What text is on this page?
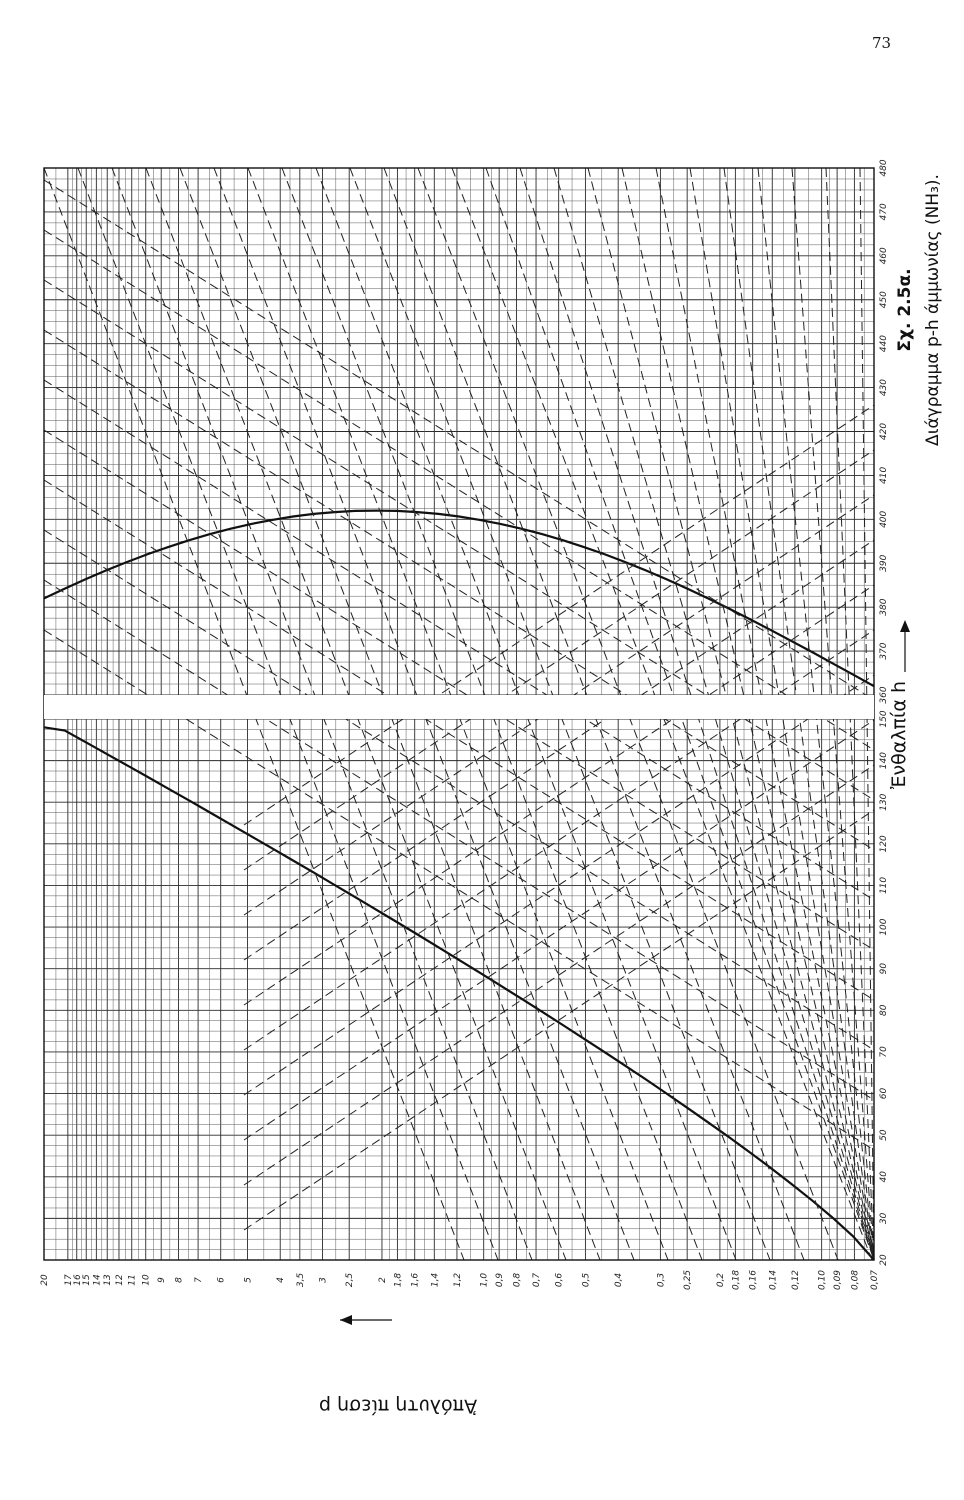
73
20 17
16 15 14 13 12 11 10 9 8 7 6 5	4 3,5 3 2,5	2 1,8 1,6 1,4 1,2 1,0 0,9 0,8 0,7 0,6 0,5	0,4	0,3 0,25	0,2 0,18 0,16 0,14 0,12 0,10 0,09 0,08 0,07
20
30
40
50
60
70
80
90
100
110
120
130
140
150
360
370
380
390
400
410
420
430
440
450
460
470
480
Ἐνθαλπία h
Ἀπόλυτη πίεση p
Σχ. 2.5α. Διάγραμμα p-h άμμωνίας (NH₃).
